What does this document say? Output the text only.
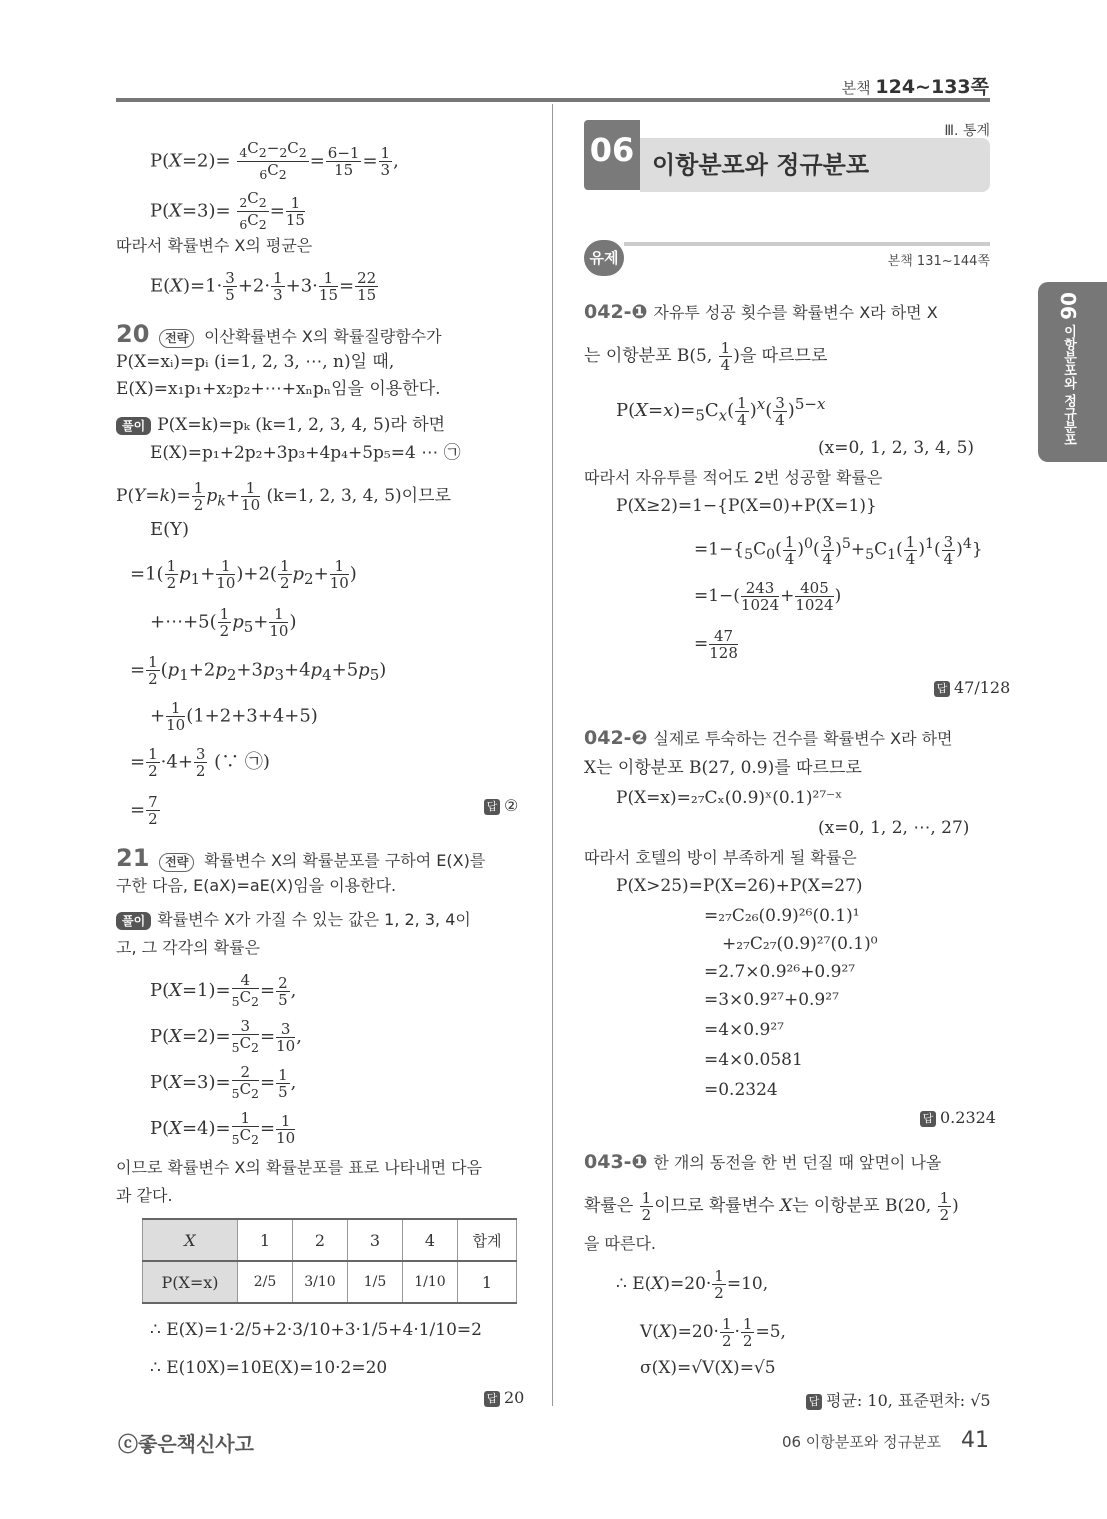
본책 124~133쪽
$P(X=2)= \frac{_4C_2-_2C_2}{_6C_2} = \frac{6-1}{15} = \frac{1}{3}$ ,
$P(X=3)= \frac{_2C_2}{_6C_2} = \frac{1}{15}$
따라서 확률변수 X의 평균은
$E(X)=1\cdot \frac{3}{5} +2\cdot \frac{1}{3} +3\cdot \frac{1}{15} = \frac{22}{15}$
20 전략 이산확률변수 X의 확률질량함수가
P(X=xᵢ)=pᵢ (i=1, 2, 3, ⋯, n)일 때,
E(X)=x₁p₁+x₂p₂+⋯+xₙpₙ임을 이용한다.
풀이 P(X=k)=pₖ (k=1, 2, 3, 4, 5)라 하면
E(X)=p₁+2p₂+3p₃+4p₄+5p₅=4 ⋯ ㉠
$P(Y=k)= \frac{1}{2} p_k+ \frac{1}{10} (k=1$, 2, 3, 4, 5)이므로
E(Y)
$=1( \frac{1}{2} p_1+ \frac{1}{10} )+2( \frac{1}{2} p_2+ \frac{1}{10}$ )
+⋯+5( $\frac{1}{2} p_5+ \frac{1}{10}$ )
= $\frac{1}{2} (p_1+2p_2+3p_3+4p_4+5p_5)$
+ $\frac{1}{10} (1+2+3+4+5)$
= $\frac{1}{2} \cdot 4+ \frac{3}{2}$ (∵ ㉠)
= $\frac{7}{2}$	답 ②
21 전략 확률변수 X의 확률분포를 구하여 E(X)를
구한 다음, E(aX)=aE(X)임을 이용한다.
풀이 확률변수 X가 가질 수 있는 값은 1, 2, 3, 4이
고, 그 각각의 확률은
$P(X=1)= \frac{4}{_5C_2} = \frac{2}{5}$ ,
$P(X=2)= \frac{3}{_5C_2} = \frac{3}{10}$ ,
$P(X=3)= \frac{2}{_5C_2} = \frac{1}{5}$ ,
$P(X=4)= \frac{1}{_5C_2} = \frac{1}{10}$
이므로 확률변수 X의 확률분포를 표로 나타내면 다음
과 같다.
X	1	2	3	4	합계
P(X=x)	2/5	3/10	1/5	1/10	1
∴ E(X)=1·2/5+2·3/10+3·1/5+4·1/10=2
∴ E(10X)=10E(X)=10·2=20
답 20
이항분포와 정규분포
06	Ⅲ. 통계
유제	본책 131~144쪽
06 이항분포와 정규분포
042-❶ 자유투 성공 횟수를 확률변수 X라 하면 X
는 이항분포 B(5, $\frac{1}{4}$ )을 따르므로
$P(X=x)=_5C_x( \frac{1}{4} )^x( \frac{3}{4} )^{5-x}$
(x=0, 1, 2, 3, 4, 5)
따라서 자유투를 적어도 2번 성공할 확률은
P(X≥2)=1−{P(X=0)+P(X=1)}
$=1-\{_5C_0( \frac{1}{4} )^0( \frac{3}{4} )^5+_5C_1( \frac{1}{4} )^1( \frac{3}{4} )^4\}$
$=1-( \frac{243}{1024} + \frac{405}{1024}$ )
= $\frac{47}{128}$
답 47/128
042-❷ 실제로 투숙하는 건수를 확률변수 X라 하면
X는 이항분포 B(27, 0.9)를 따르므로
P(X=x)=₂₇Cₓ(0.9)ˣ(0.1)²⁷⁻ˣ
(x=0, 1, 2, ⋯, 27)
따라서 호텔의 방이 부족하게 될 확률은
P(X>25)=P(X=26)+P(X=27)
=₂₇C₂₆(0.9)²⁶(0.1)¹
+₂₇C₂₇(0.9)²⁷(0.1)⁰
=2.7×0.9²⁶+0.9²⁷
=3×0.9²⁷+0.9²⁷
=4×0.9²⁷
=4×0.0581
=0.2324
답 0.2324
043-❶ 한 개의 동전을 한 번 던질 때 앞면이 나올
확률은 $\frac{1}{2}$ 이므로 확률변수 X는 이항분포 B(20, $\frac{1}{2}$ )
을 따른다.
∴ $E(X)=20\cdot \frac{1}{2} =10$,
$V(X)=20\cdot \frac{1}{2} \cdot \frac{1}{2} =5$,
σ(X)=√V(X)=√5
답 평균: 10, 표준편차: √5
ⓒ좋은책신사고	06 이항분포와 정규분포 41
